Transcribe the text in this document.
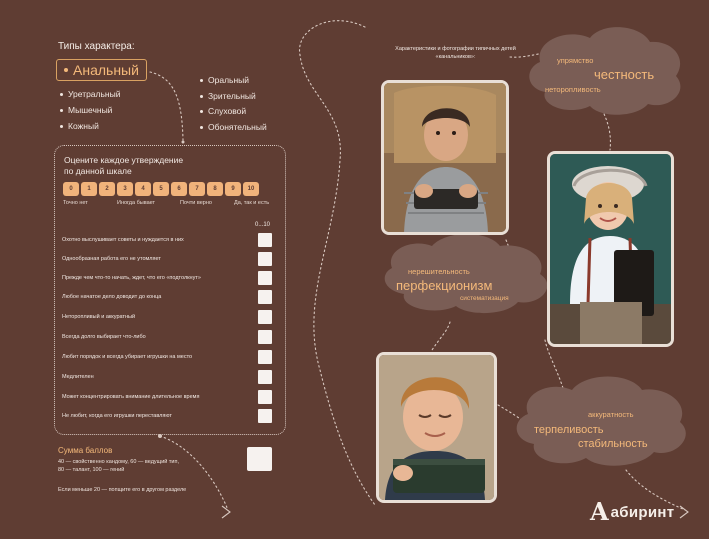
Типы характера:
Анальный
Уретральный
Мышечный
Кожный
Оральный
Зрительный
Слуховой
Обонятельный
Оцените каждое утверждение
по данной шкале
0	1	2	3	4	5	6	7	8	9	10
Точно нет	Иногда бывает	Почти верно	Да, так и есть
0...10
Охотно выслушивает советы и нуждается в них
Однообразная работа его не утомляет
Прежде чем что-то начать, ждет, что его «подтолкнут»
Любое начатое дело доводит до конца
Неторопливый и аккуратный
Всегда долго выбирает что-либо
Любит порядок и всегда убирает игрушки на место
Медлителен
Может концентрировать внимание длительное время
Не любит, когда его игрушки переставляют
Сумма баллов
40 — свойственно кандому, 60 — ведущий тип,
80 — талант, 100 — гений
Если меньше 20 — попщите его в другом разделе
Характеристики и фотографии типичных детей «канальников»:	упрямство
честность
неторопливость
нерешительность
перфекционизм
систематизация
аккуратность
терпеливость
стабильность
A абиринт
